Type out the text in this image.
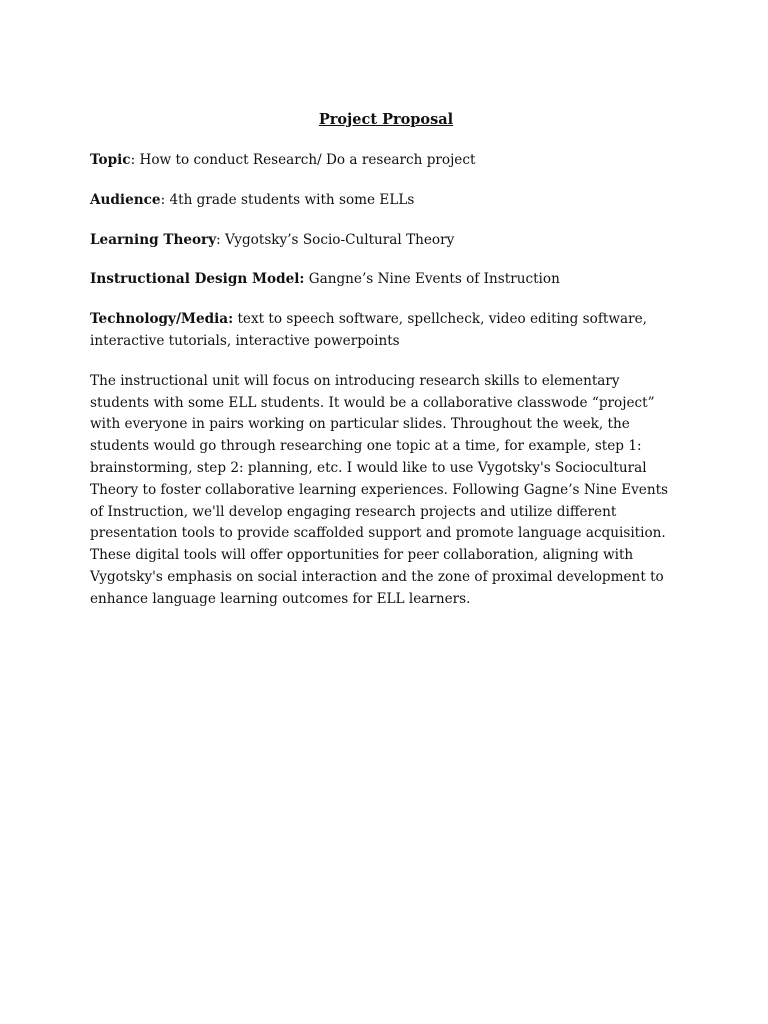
Project Proposal
Topic: How to conduct Research/ Do a research project
Audience: 4th grade students with some ELLs
Learning Theory: Vygotsky’s Socio-Cultural Theory
Instructional Design Model: Gangne’s Nine Events of Instruction
Technology/Media: text to speech software, spellcheck, video editing software, interactive tutorials, interactive powerpoints

The instructional unit will focus on introducing research skills to elementary students with some ELL students. It would be a collaborative classwode “project” with everyone in pairs working on particular slides. Throughout the week, the students would go through researching one topic at a time, for example, step 1: brainstorming, step 2: planning, etc. I would like to use Vygotsky's Sociocultural Theory to foster collaborative learning experiences. Following Gagne’s Nine Events of Instruction, we'll develop engaging research projects and utilize different presentation tools to provide scaffolded support and promote language acquisition. These digital tools will offer opportunities for peer collaboration, aligning with Vygotsky's emphasis on social interaction and the zone of proximal development to enhance language learning outcomes for ELL learners.
